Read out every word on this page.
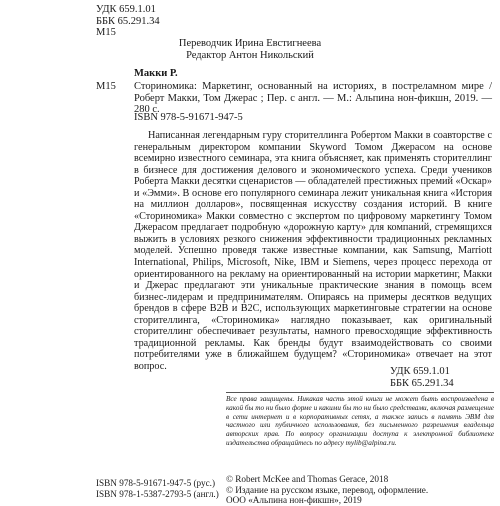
УДК 659.1.01
ББК 65.291.34
М15
Переводчик Ирина Евстигнеева
Редактор Антон Никольский
Макки Р.
М15 Сториномика: Маркетинг, основанный на историях, в постреламном мире / Роберт Макки, Том Джерас ; Пер. с англ. — М.: Альпина нон-фикшн, 2019. — 280 с.
ISBN 978-5-91671-947-5

Написанная легендарным гуру сторителлинга Робертом Макки в соавторстве с генеральным директором компании Skyword Томом Джерасом на основе всемирно известного семинара, эта книга объясняет, как применять сторителлинг в бизнесе для достижения делового и экономического успеха. Среди учеников Роберта Макки десятки сценаристов — обладателей престижных премий «Оскар» и «Эмми». В основе его популярного семинара лежит уникальная книга «История на миллион долларов», посвященная искусству создания историй. В книге «Сториномика» Макки совместно с экспертом по цифровому маркетингу Томом Джерасом предлагает подробную «дорожную карту» для компаний, стремящихся выжить в условиях резкого снижения эффективности традиционных рекламных моделей. Успешно проведя также известные компании, как Samsung, Marriott International, Philips, Microsoft, Nike, IBM и Siemens, через процесс перехода от ориентированного на рекламу на ориентированный на истории маркетинг, Макки и Джерас предлагают эти уникальные практические знания в помощь всем бизнес-лидерам и предпринимателям. Опираясь на примеры десятков ведущих брендов в сфере B2B и B2C, использующих маркетинговые стратегии на основе сторителлинга, «Сториномика» наглядно показывает, как оригинальный сторителлинг обеспечивает результаты, намного превосходящие эффективность традиционной рекламы. Как бренды будут взаимодействовать со своими потребителями уже в ближайшем будущем? «Сториномика» отвечает на этот вопрос.	УДК 659.1.01
ББК 65.291.34
Все права защищены. Никакая часть этой книги не может быть воспроизведена в какой бы то ни было форме и какими бы то ни было средствами, включая размещение в сети интернет и в корпоративных сетях, а также запись в память ЭВМ для частного или публичного использования, без письменного разрешения владельца авторских прав. По вопросу организации доступа к электронной библиотеке издательства обращайтесь по адресу mylib@alpina.ru.
© Robert McKee and Thomas Gerace, 2018
© Издание на русском языке, перевод, оформление.
ООО «Альпина нон-фикшн», 2019
ISBN 978-5-91671-947-5 (рус.)
ISBN 978-1-5387-2793-5 (англ.)
